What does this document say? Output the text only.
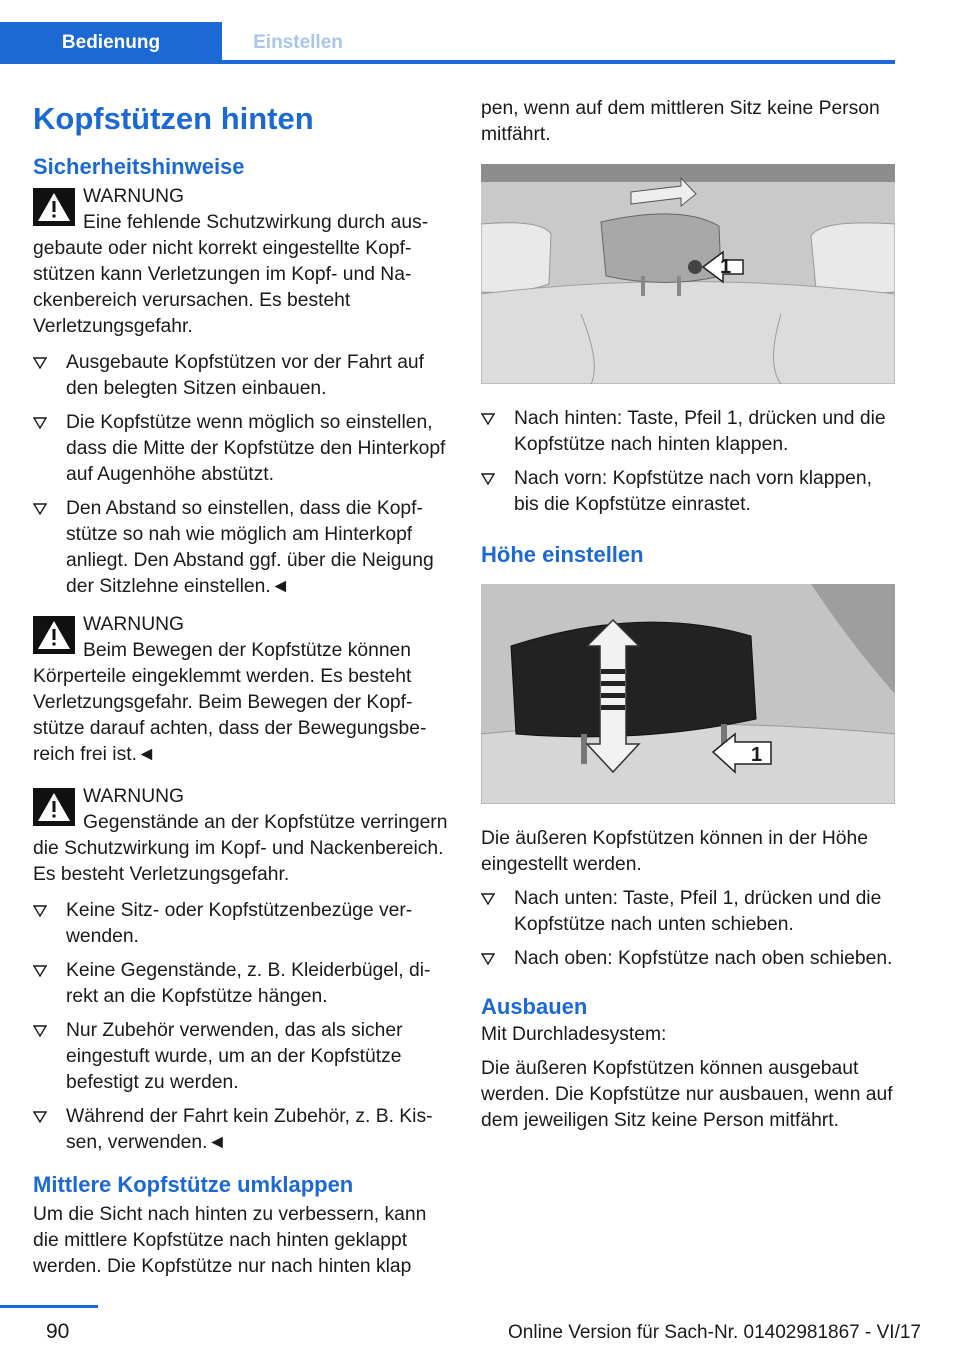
Bedienung	Einstellen
Kopfstützen hinten
Sicherheitshinweise
WARNUNG
Eine fehlende Schutzwirkung durch ausgebaute oder nicht korrekt eingestellte Kopfstützen kann Verletzungen im Kopf- und Nackenbereich verursachen. Es besteht Verletzungsgefahr.
Ausgebaute Kopfstützen vor der Fahrt auf den belegten Sitzen einbauen.
Die Kopfstütze wenn möglich so einstellen, dass die Mitte der Kopfstütze den Hinterkopf auf Augenhöhe abstützt.
Den Abstand so einstellen, dass die Kopfstütze so nah wie möglich am Hinterkopf anliegt. Den Abstand ggf. über die Neigung der Sitzlehne einstellen.◄
WARNUNG
Beim Bewegen der Kopfstütze können Körperteile eingeklemmt werden. Es besteht Verletzungsgefahr. Beim Bewegen der Kopfstütze darauf achten, dass der Bewegungsbereich frei ist.◄
WARNUNG
Gegenstände an der Kopfstütze verringern die Schutzwirkung im Kopf- und Nackenbereich. Es besteht Verletzungsgefahr.
Keine Sitz- oder Kopfstützenbezüge verwenden.
Keine Gegenstände, z. B. Kleiderbügel, direkt an die Kopfstütze hängen.
Nur Zubehör verwenden, das als sicher eingestuft wurde, um an der Kopfstütze befestigt zu werden.
Während der Fahrt kein Zubehör, z. B. Kissen, verwenden.◄
Mittlere Kopfstütze umklappen

Um die Sicht nach hinten zu verbessern, kann die mittlere Kopfstütze nach hinten geklappt werden. Die Kopfstütze nur nach hinten klap

pen, wenn auf dem mittleren Sitz keine Person mitfährt.

1
Nach hinten: Taste, Pfeil 1, drücken und die Kopfstütze nach hinten klappen.
Nach vorn: Kopfstütze nach vorn klappen, bis die Kopfstütze einrastet.
Höhe einstellen
1

Die äußeren Kopfstützen können in der Höhe eingestellt werden.

Nach unten: Taste, Pfeil 1, drücken und die Kopfstütze nach unten schieben.
Nach oben: Kopfstütze nach oben schieben.
Ausbauen

Mit Durchladesystem:

Die äußeren Kopfstützen können ausgebaut werden. Die Kopfstütze nur ausbauen, wenn auf dem jeweiligen Sitz keine Person mitfährt.

90	Online Version für Sach-Nr. 01402981867 - VI/17
